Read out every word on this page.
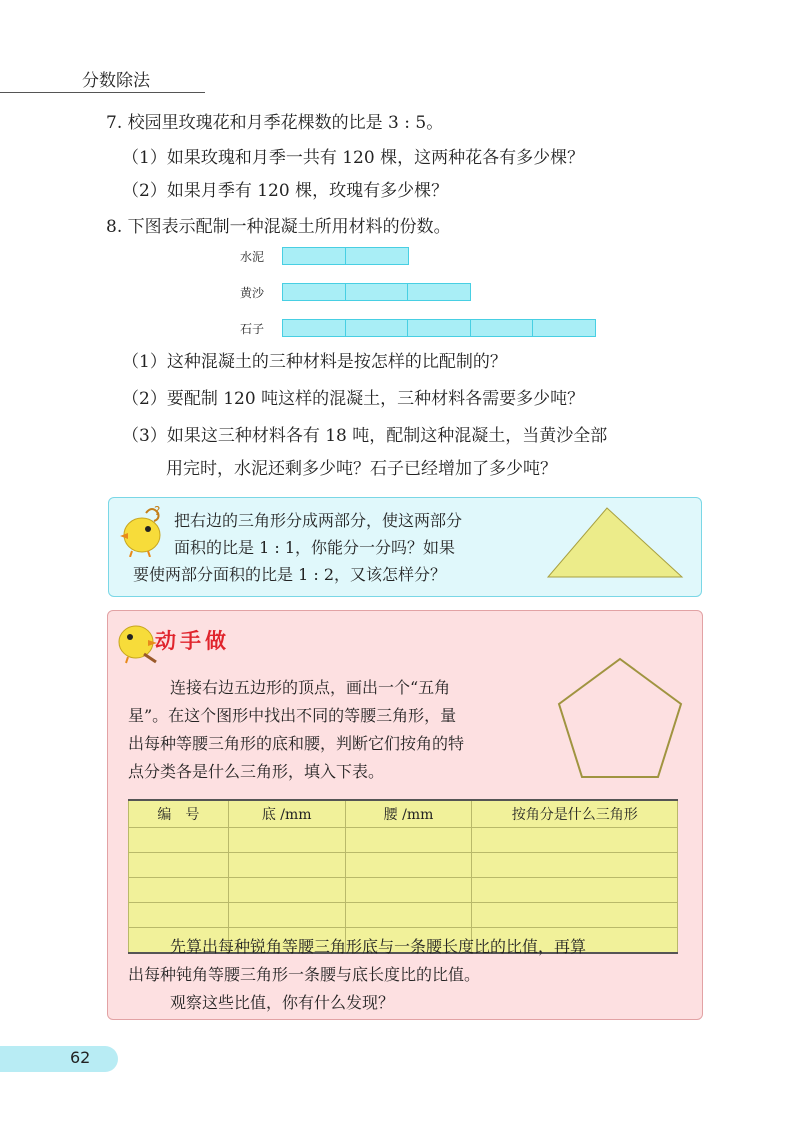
分数除法
7. 校园里玫瑰花和月季花棵数的比是 3 : 5。
（1）如果玫瑰和月季一共有 120 棵，这两种花各有多少棵？
（2）如果月季有 120 棵，玫瑰有多少棵？
8. 下图表示配制一种混凝土所用材料的份数。
水泥
黄沙
石子
（1）这种混凝土的三种材料是按怎样的比配制的？
（2）要配制 120 吨这样的混凝土，三种材料各需要多少吨？
（3）如果这三种材料各有 18 吨，配制这种混凝土，当黄沙全部
用完时，水泥还剩多少吨？石子已经增加了多少吨？
? 把右边的三角形分成两部分，使这两部分
面积的比是 1 : 1，你能分一分吗？如果
要使两部分面积的比是 1 : 2，又该怎样分？
动手做
连接右边五边形的顶点，画出一个“五角
星”。在这个图形中找出不同的等腰三角形，量
出每种等腰三角形的底和腰，判断它们按角的特
点分类各是什么三角形，填入下表。
编　号	底 /mm	腰 /mm	按角分是什么三角形

先算出每种锐角等腰三角形底与一条腰长度比的比值，再算
出每种钝角等腰三角形一条腰与底长度比的比值。
观察这些比值，你有什么发现？
62
